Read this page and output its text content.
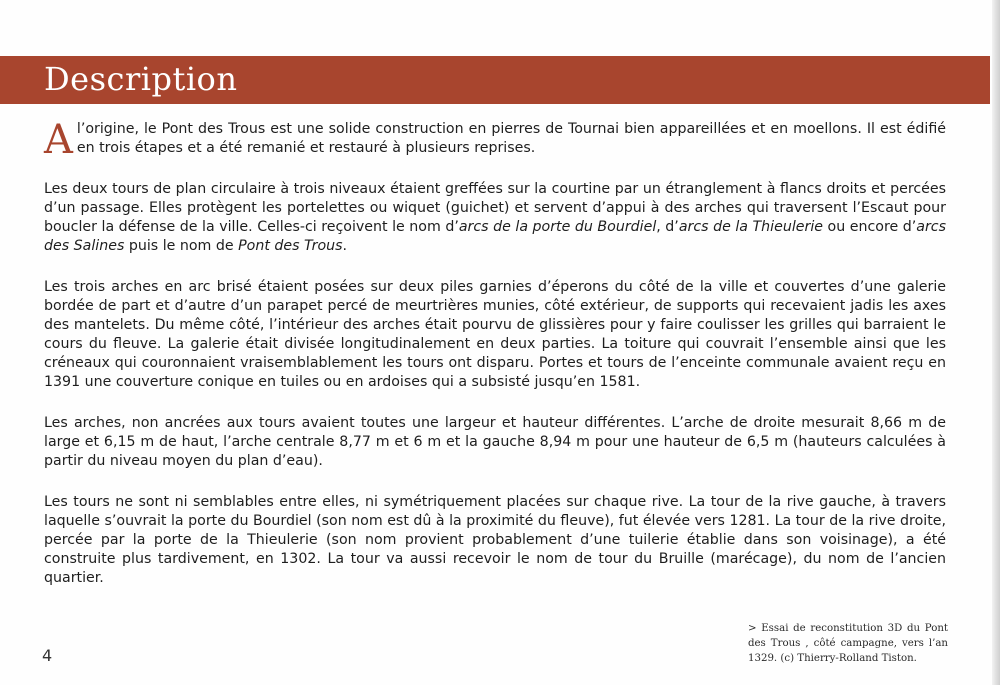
Description

Al’origine, le Pont des Trous est une solide construction en pierres de Tournai bien appareillées et en moellons. Il est édifié en trois étapes et a été remanié et restauré à plusieurs reprises.

Les deux tours de plan circulaire à trois niveaux étaient greffées sur la courtine par un étranglement à flancs droits et percées d’un passage. Elles protègent les portelettes ou wiquet (guichet) et servent d’appui à des arches qui traversent l’Escaut pour boucler la défense de la ville. Celles-ci reçoivent le nom d’arcs de la porte du Bourdiel, d’arcs de la Thieulerie ou encore d’arcs des Salines puis le nom de Pont des Trous.

Les trois arches en arc brisé étaient posées sur deux piles garnies d’éperons du côté de la ville et couvertes d’une galerie bordée de part et d’autre d’un parapet percé de meurtrières munies, côté extérieur, de supports qui recevaient jadis les axes des mantelets. Du même côté, l’intérieur des arches était pourvu de glissières pour y faire coulisser les grilles qui barraient le cours du fleuve. La galerie était divisée longitudinalement en deux parties. La toiture qui couvrait l’ensemble ainsi que les créneaux qui couronnaient vraisemblablement les tours ont disparu. Portes et tours de l’enceinte communale avaient reçu en 1391 une couverture conique en tuiles ou en ardoises qui a subsisté jusqu’en 1581.

Les arches, non ancrées aux tours avaient toutes une largeur et hauteur différentes. L’arche de droite mesurait 8,66 m de large et 6,15 m de haut, l’arche centrale 8,77 m et 6 m et la gauche 8,94 m pour une hauteur de 6,5 m (hauteurs calculées à partir du niveau moyen du plan d’eau).

Les tours ne sont ni semblables entre elles, ni symétriquement placées sur chaque rive. La tour de la rive gauche, à travers laquelle s’ouvrait la porte du Bourdiel (son nom est dû à la proximité du fleuve), fut élevée vers 1281. La tour de la rive droite, percée par la porte de la Thieulerie (son nom provient probablement d’une tuilerie établie dans son voisinage), a été construite plus tardivement, en 1302. La tour va aussi recevoir le nom de tour du Bruille (marécage), du nom de l’ancien quartier.

> Essai de reconstitution 3D du Pont des Trous , côté campagne, vers l’an 1329. (c) Thierry-Rolland Tiston.
4
